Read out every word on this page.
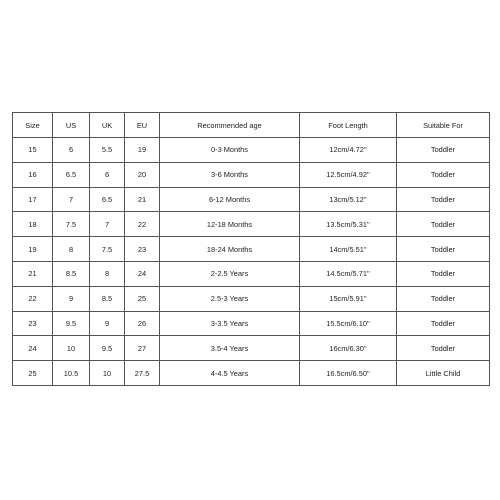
Size	US	UK	EU	Recommended age	Foot Length	Suitable For
15	6	5.5	19	0-3 Months	12cm/4.72''	Toddler
16	6.5	6	20	3-6 Months	12.5cm/4.92''	Toddler
17	7	6.5	21	6-12 Months	13cm/5.12''	Toddler
18	7.5	7	22	12-18 Months	13.5cm/5.31''	Toddler
19	8	7.5	23	18-24 Months	14cm/5.51''	Toddler
21	8.5	8	24	2-2.5 Years	14.5cm/5.71''	Toddler
22	9	8.5	25	2.5-3 Years	15cm/5.91''	Toddler
23	9.5	9	26	3-3.5 Years	15.5cm/6.10''	Toddler
24	10	9.5	27	3.5-4 Years	16cm/6.30''	Toddler
25	10.5	10	27.5	4-4.5 Years	16.5cm/6.50''	Little Child
